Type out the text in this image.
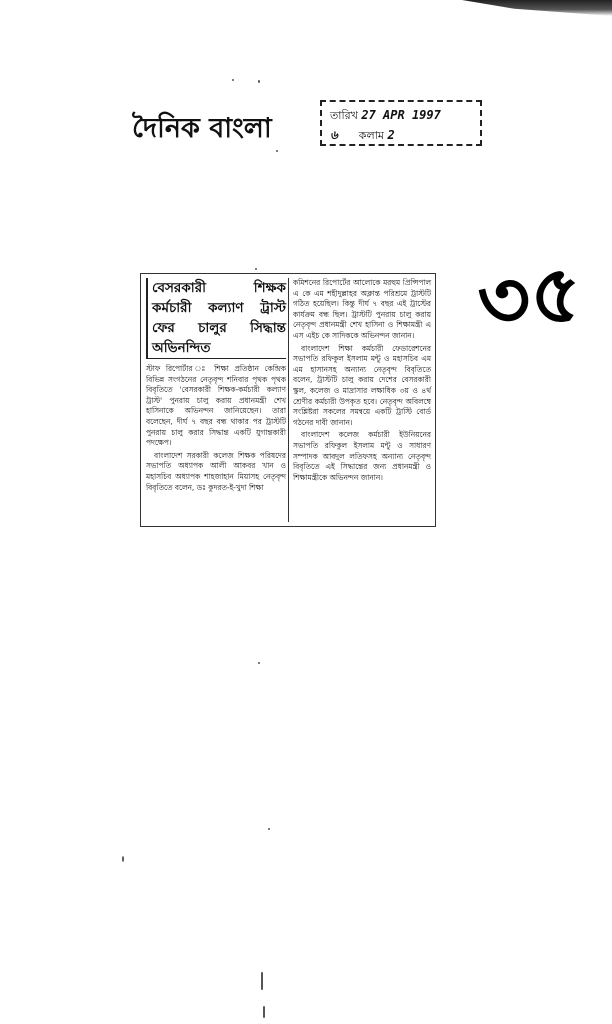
দৈনিক বাংলা	তারিখ 27 APR 1997
৬ কলাম 2
৩৫
বেসরকারী শিক্ষক কর্মচারী কল্যাণ ট্রাস্ট ফের চালুর সিদ্ধান্ত অভিনন্দিত

স্টাফ রিপোর্টার ঃ শিক্ষা প্রতিষ্ঠান কেন্দ্রিক বিভিন্ন সংগঠনের নেতৃবৃন্দ শনিবার পৃথক পৃথক বিবৃতিতে 'বেসরকারী শিক্ষক-কর্মচারী কল্যাণ ট্রাস্ট' পুনরায় চালু করায় প্রধানমন্ত্রী শেখ হাসিনাকে অভিনন্দন জানিয়েছেন। তারা বলেছেন, দীর্ঘ ৭ বছর বন্ধ থাকার পর ট্রাস্টটি পুনরায় চালু করার সিদ্ধান্ত একটি যুগান্তকারী পদক্ষেপ।

বাংলাদেশ সরকারী কলেজ শিক্ষক পরিষদের সভাপতি অধ্যাপক আলী আকবর খান ও মহাসচিব অধ্যাপক শাহজাহান মিয়াসহ নেতৃবৃন্দ বিবৃতিতে বলেন, ডঃ কুদরত-ই-খুদা শিক্ষা

কমিশনের রিপোর্টের আলোকে মরহুম প্রিন্সিপাল এ কে এম শহীদুল্লাহর অক্লান্ত পরিশ্রমে ট্রাস্টটি গঠিত হয়েছিল। কিন্তু দীর্ঘ ৭ বছর এই ট্রাস্টের কার্যক্রম বন্ধ ছিল। ট্রাস্টটি পুনরায় চালু করায় নেতৃবৃন্দ প্রধানমন্ত্রী শেখ হাসিনা ও শিক্ষামন্ত্রী এ এস এইচ কে সাদিককে অভিনন্দন জানান।

বাংলাদেশ শিক্ষা কর্মচারী ফেডারেশনের সভাপতি রফিকুল ইসলাম মন্টু ও মহাসচিব এম এম হাসানসহ অন্যান্য নেতৃবৃন্দ বিবৃতিতে বলেন, ট্রাস্টটি চালু করায় দেশের বেসরকারী স্কুল, কলেজ ও মাদ্রাসার লক্ষাধিক ৩য় ও ৪র্থ শ্রেণীর কর্মচারী উপকৃত হবে। নেতৃবৃন্দ অবিলম্বে সংশ্লিষ্টরা সকলের সমন্বয়ে একটি ট্রাস্টি বোর্ড গঠনের দাবী জানান।

বাংলাদেশ কলেজ কর্মচারী ইউনিয়নের সভাপতি রফিকুল ইসলাম মন্টু ও সাধারণ সম্পাদক আবদুল লতিফসহ অন্যান্য নেতৃবৃন্দ বিবৃতিতে এই সিদ্ধান্তের জন্য প্রধানমন্ত্রী ও শিক্ষামন্ত্রীকে অভিনন্দন জানান।
